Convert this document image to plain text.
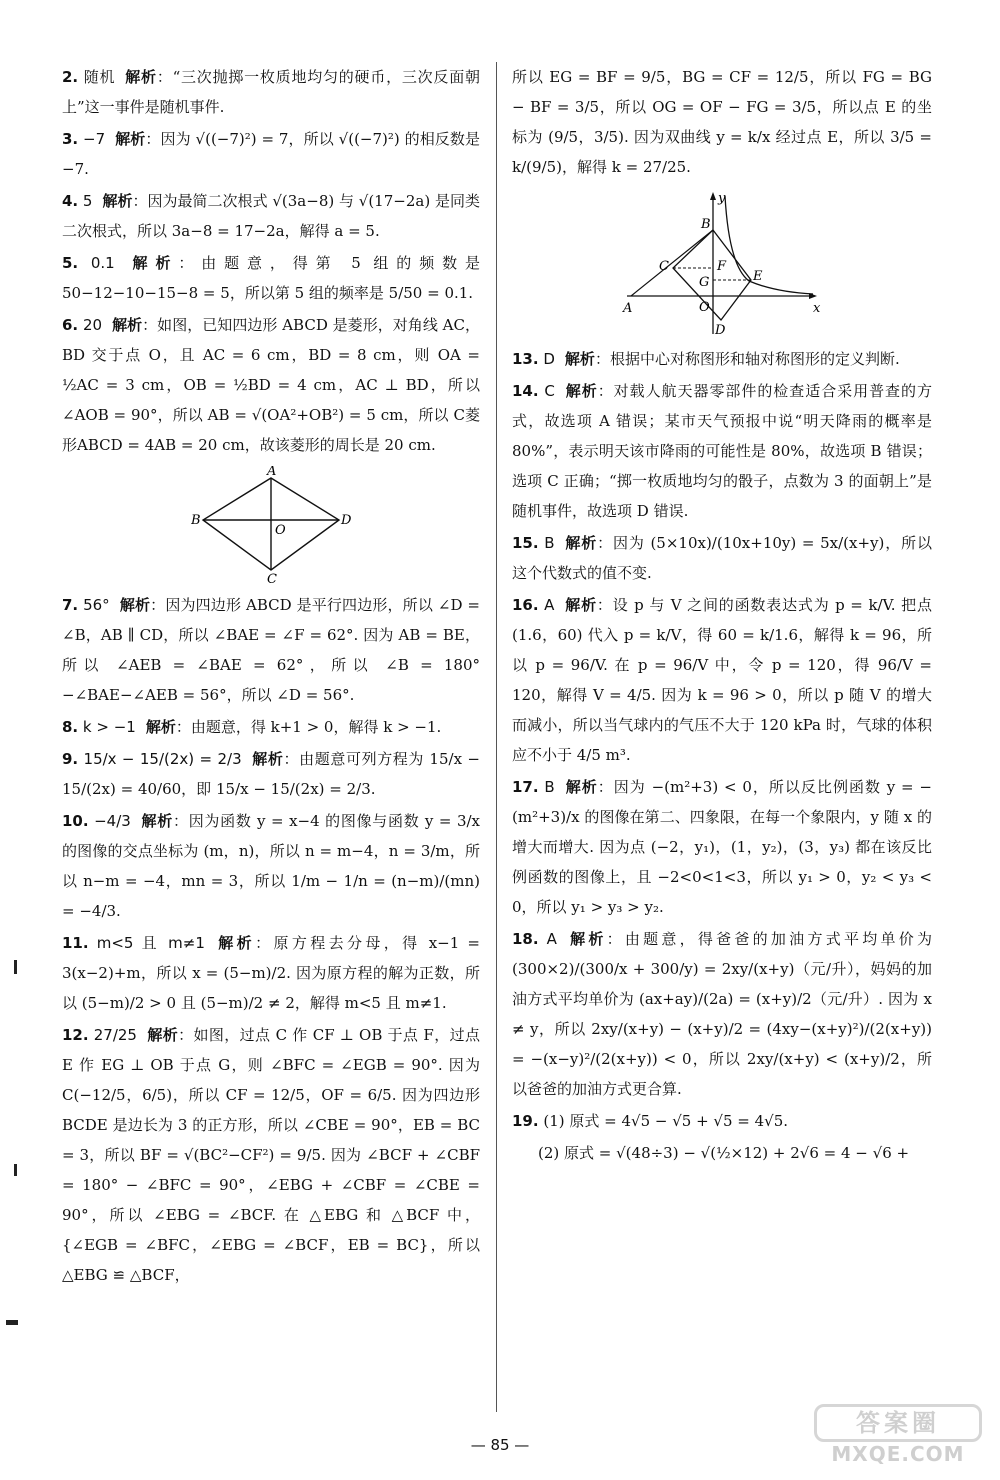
2. 随机 解析：“三次抛掷一枚质地均匀的硬币，三次反面朝上”这一事件是随机事件.
3. −7 解析：因为 √((−7)²) = 7，所以 √((−7)²) 的相反数是 −7.
4. 5 解析：因为最简二次根式 √(3a−8) 与 √(17−2a) 是同类二次根式，所以 3a−8 = 17−2a，解得 a = 5.
5. 0.1 解析：由题意，得第 5 组的频数是 50−12−10−15−8 = 5，所以第 5 组的频率是 5/50 = 0.1.
6. 20 解析：如图，已知四边形 ABCD 是菱形，对角线 AC，BD 交于点 O，且 AC = 6 cm，BD = 8 cm，则 OA = ½AC = 3 cm，OB = ½BD = 4 cm，AC ⊥ BD，所以 ∠AOB = 90°，所以 AB = √(OA²+OB²) = 5 cm，所以 C菱形ABCD = 4AB = 20 cm，故该菱形的周长是 20 cm.
A
B
C
D
O
7. 56° 解析：因为四边形 ABCD 是平行四边形，所以 ∠D = ∠B，AB ∥ CD，所以 ∠BAE = ∠F = 62°. 因为 AB = BE，所以 ∠AEB = ∠BAE = 62°，所以 ∠B = 180°−∠BAE−∠AEB = 56°，所以 ∠D = 56°.
8. k > −1 解析：由题意，得 k+1 > 0，解得 k > −1.
9. 15/x − 15/(2x) = 2/3 解析：由题意可列方程为 15/x − 15/(2x) = 40/60，即 15/x − 15/(2x) = 2/3.
10. −4/3 解析：因为函数 y = x−4 的图像与函数 y = 3/x 的图像的交点坐标为 (m，n)，所以 n = m−4，n = 3/m，所以 n−m = −4，mn = 3，所以 1/m − 1/n = (n−m)/(mn) = −4/3.
11. m<5 且 m≠1 解析：原方程去分母，得 x−1 = 3(x−2)+m，所以 x = (5−m)/2. 因为原方程的解为正数，所以 (5−m)/2 > 0 且 (5−m)/2 ≠ 2，解得 m<5 且 m≠1.
12. 27/25 解析：如图，过点 C 作 CF ⊥ OB 于点 F，过点 E 作 EG ⊥ OB 于点 G，则 ∠BFC = ∠EGB = 90°. 因为 C(−12/5，6/5)，所以 CF = 12/5，OF = 6/5. 因为四边形 BCDE 是边长为 3 的正方形，所以 ∠CBE = 90°，EB = BC = 3，所以 BF = √(BC²−CF²) = 9/5. 因为 ∠BCF + ∠CBF = 180° − ∠BFC = 90°，∠EBG + ∠CBF = ∠CBE = 90°，所以 ∠EBG = ∠BCF. 在 △EBG 和 △BCF 中，{∠EGB = ∠BFC，∠EBG = ∠BCF，EB = BC}，所以 △EBG ≌ △BCF，
所以 EG = BF = 9/5，BG = CF = 12/5，所以 FG = BG − BF = 3/5，所以 OG = OF − FG = 3/5，所以点 E 的坐标为 (9/5，3/5). 因为双曲线 y = k/x 经过点 E，所以 3/5 = k/(9/5)，解得 k = 27/25.
y
x
B
C	F
G	E
O
A
D
13. D 解析：根据中心对称图形和轴对称图形的定义判断.
14. C 解析：对载人航天器零部件的检查适合采用普查的方式，故选项 A 错误；某市天气预报中说“明天降雨的概率是 80%”，表示明天该市降雨的可能性是 80%，故选项 B 错误；选项 C 正确；“掷一枚质地均匀的骰子，点数为 3 的面朝上”是随机事件，故选项 D 错误.
15. B 解析：因为 (5×10x)/(10x+10y) = 5x/(x+y)，所以这个代数式的值不变.
16. A 解析：设 p 与 V 之间的函数表达式为 p = k/V. 把点 (1.6，60) 代入 p = k/V，得 60 = k/1.6，解得 k = 96，所以 p = 96/V. 在 p = 96/V 中，令 p = 120，得 96/V = 120，解得 V = 4/5. 因为 k = 96 > 0，所以 p 随 V 的增大而减小，所以当气球内的气压不大于 120 kPa 时，气球的体积应不小于 4/5 m³.
17. B 解析：因为 −(m²+3) < 0，所以反比例函数 y = −(m²+3)/x 的图像在第二、四象限，在每一个象限内，y 随 x 的增大而增大. 因为点 (−2，y₁)，(1，y₂)，(3，y₃) 都在该反比例函数的图像上，且 −2<0<1<3，所以 y₁ > 0，y₂ < y₃ < 0，所以 y₁ > y₃ > y₂.
18. A 解析：由题意，得爸爸的加油方式平均单价为 (300×2)/(300/x + 300/y) = 2xy/(x+y)（元/升），妈妈的加油方式平均单价为 (ax+ay)/(2a) = (x+y)/2（元/升）. 因为 x ≠ y，所以 2xy/(x+y) − (x+y)/2 = (4xy−(x+y)²)/(2(x+y)) = −(x−y)²/(2(x+y)) < 0，所以 2xy/(x+y) < (x+y)/2，所以爸爸的加油方式更合算.
19. (1) 原式 = 4√5 − √5 + √5 = 4√5.
(2) 原式 = √(48÷3) − √(½×12) + 2√6 = 4 − √6 +
— 85 —
答案圈
MXQE.COM
